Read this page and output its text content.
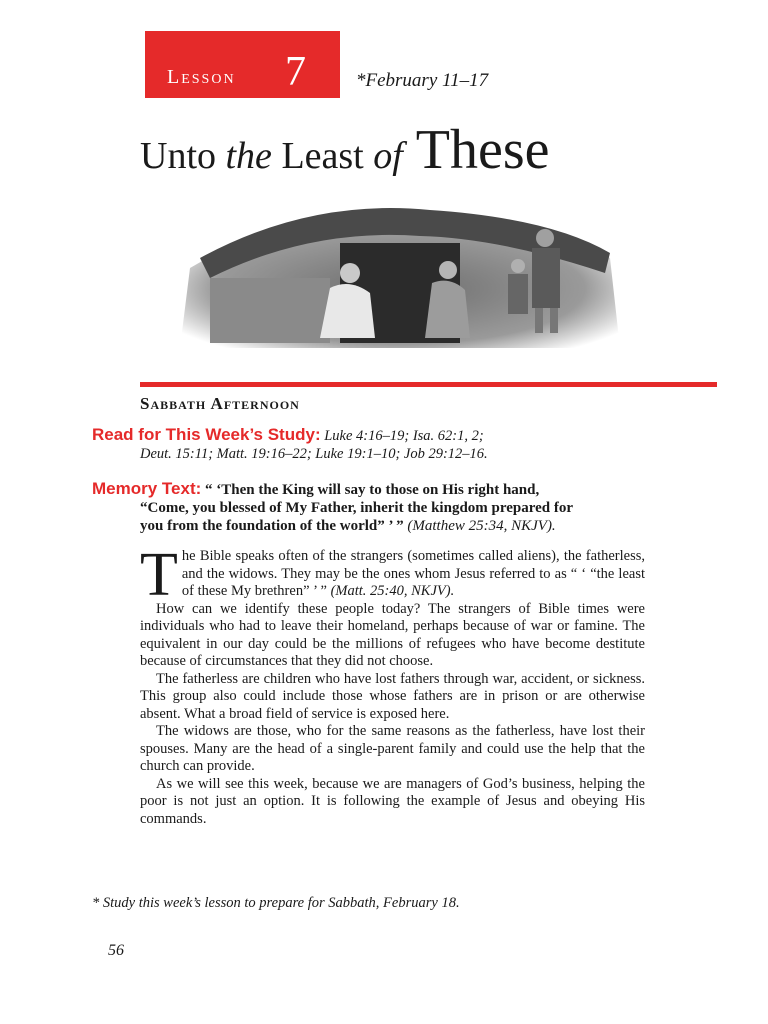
Lesson 7	*February 11–17
Unto the Least of These
Sabbath Afternoon
Read for This Week’s Study: Luke 4:16–19; Isa. 62:1, 2;
Deut. 15:11; Matt. 19:16–22; Luke 19:1–10; Job 29:12–16.
Memory Text: “ ‘Then the King will say to those on His right hand,
“Come, you blessed of My Father, inherit the kingdom prepared for
you from the foundation of the world” ’ ” (Matthew 25:34, NKJV).

The Bible speaks often of the strangers (sometimes called aliens), the fatherless, and the widows. They may be the ones whom Jesus referred to as “ ‘ “the least of these My brethren” ’ ” (Matt. 25:40, NKJV).

How can we identify these people today? The strangers of Bible times were individuals who had to leave their homeland, perhaps because of war or famine. The equivalent in our day could be the millions of refugees who have become destitute because of circumstances that they did not choose.

The fatherless are children who have lost fathers through war, accident, or sickness. This group also could include those whose fathers are in prison or are otherwise absent. What a broad field of service is exposed here.

The widows are those, who for the same reasons as the fatherless, have lost their spouses. Many are the head of a single-parent family and could use the help that the church can provide.

As we will see this week, because we are managers of God’s business, helping the poor is not just an option. It is following the example of Jesus and obeying His commands.

* Study this week’s lesson to prepare for Sabbath, February 18.
56
